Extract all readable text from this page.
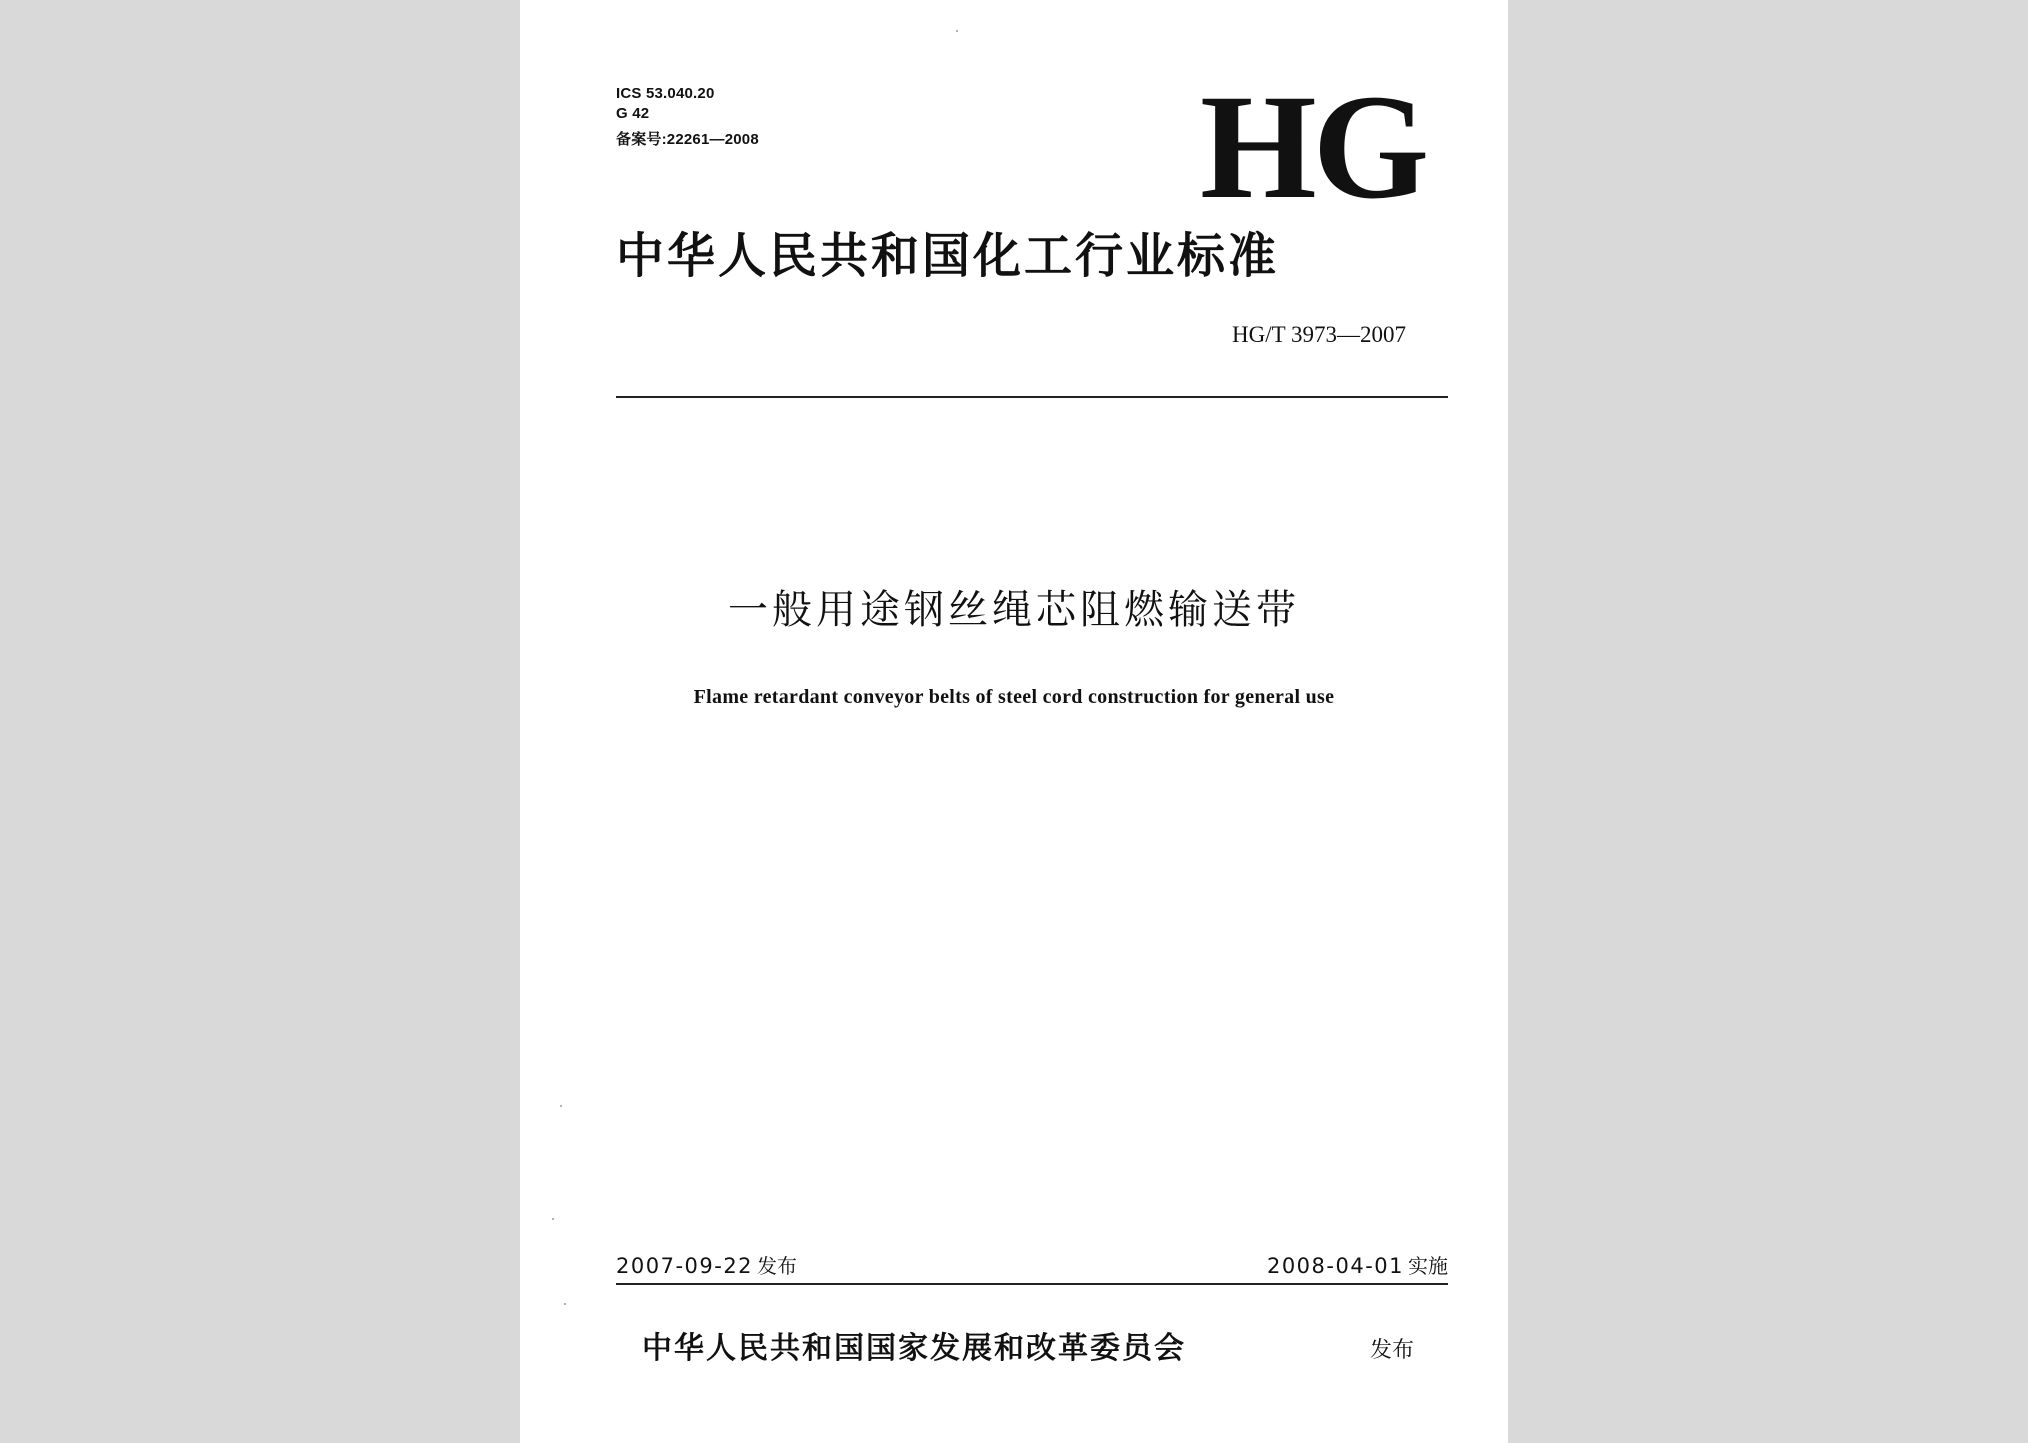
ICS 53.040.20
G 42
备案号:22261—2008	HG
中华人民共和国化工行业标准
HG/T 3973—2007
一般用途钢丝绳芯阻燃输送带
Flame retardant conveyor belts of steel cord construction for general use
2007-09-22 发布	2008-04-01 实施
中华人民共和国国家发展和改革委员会	发布
